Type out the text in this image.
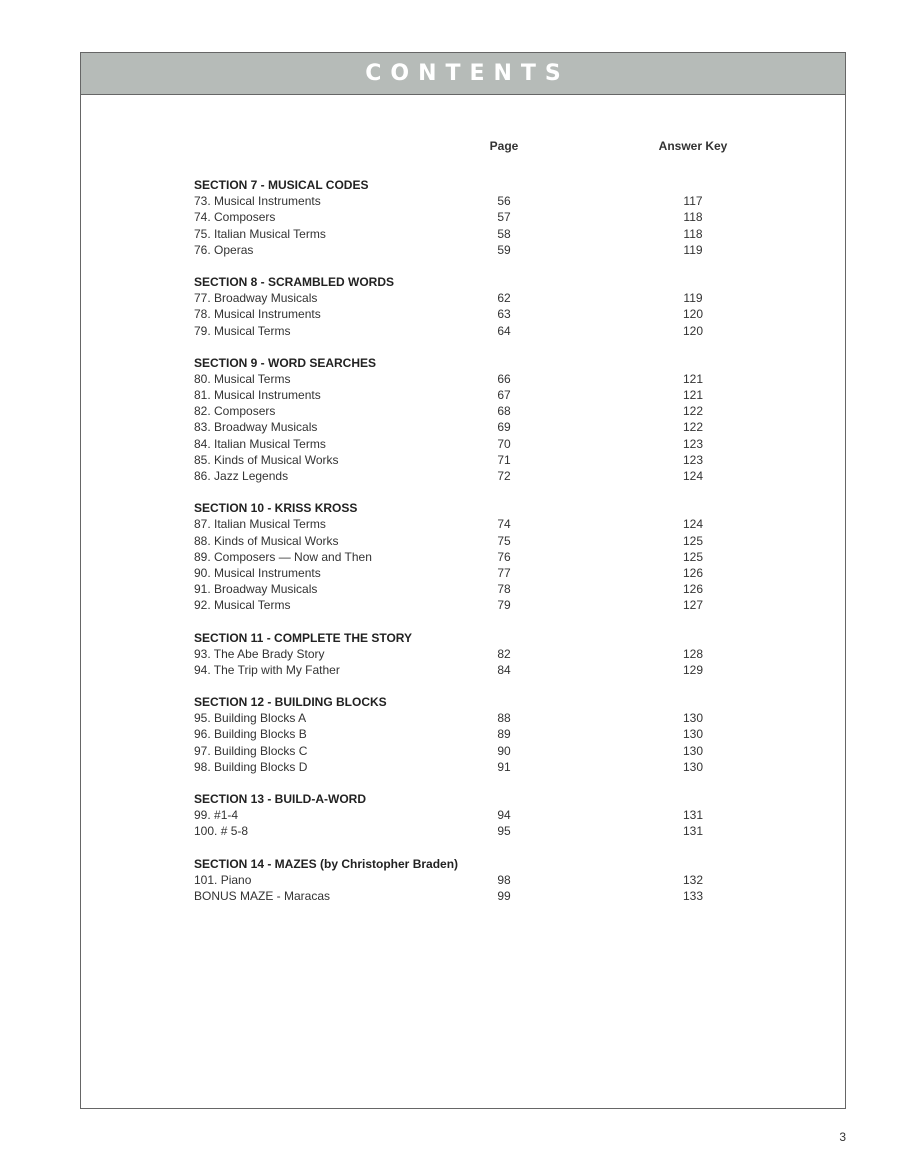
CONTENTS
Page	Answer Key
SECTION 7 - MUSICAL CODES
73. Musical Instruments	56	117
74. Composers	57	118
75. Italian Musical Terms	58	118
76. Operas	59	119
SECTION 8 - SCRAMBLED WORDS
77. Broadway Musicals	62	119
78. Musical Instruments	63	120
79. Musical Terms	64	120
SECTION 9 - WORD SEARCHES
80. Musical Terms	66	121
81. Musical Instruments	67	121
82. Composers	68	122
83. Broadway Musicals	69	122
84. Italian Musical Terms	70	123
85. Kinds of Musical Works	71	123
86. Jazz Legends	72	124
SECTION 10 - KRISS KROSS
87. Italian Musical Terms	74	124
88. Kinds of Musical Works	75	125
89. Composers — Now and Then	76	125
90. Musical Instruments	77	126
91. Broadway Musicals	78	126
92. Musical Terms	79	127
SECTION 11 - COMPLETE THE STORY
93. The Abe Brady Story	82	128
94. The Trip with My Father	84	129
SECTION 12 - BUILDING BLOCKS
95. Building Blocks A	88	130
96. Building Blocks B	89	130
97. Building Blocks C	90	130
98. Building Blocks D	91	130
SECTION 13 - BUILD-A-WORD
99. #1-4	94	131
100. # 5-8	95	131
SECTION 14 - MAZES (by Christopher Braden)
101. Piano	98	132
BONUS MAZE - Maracas	99	133
3
